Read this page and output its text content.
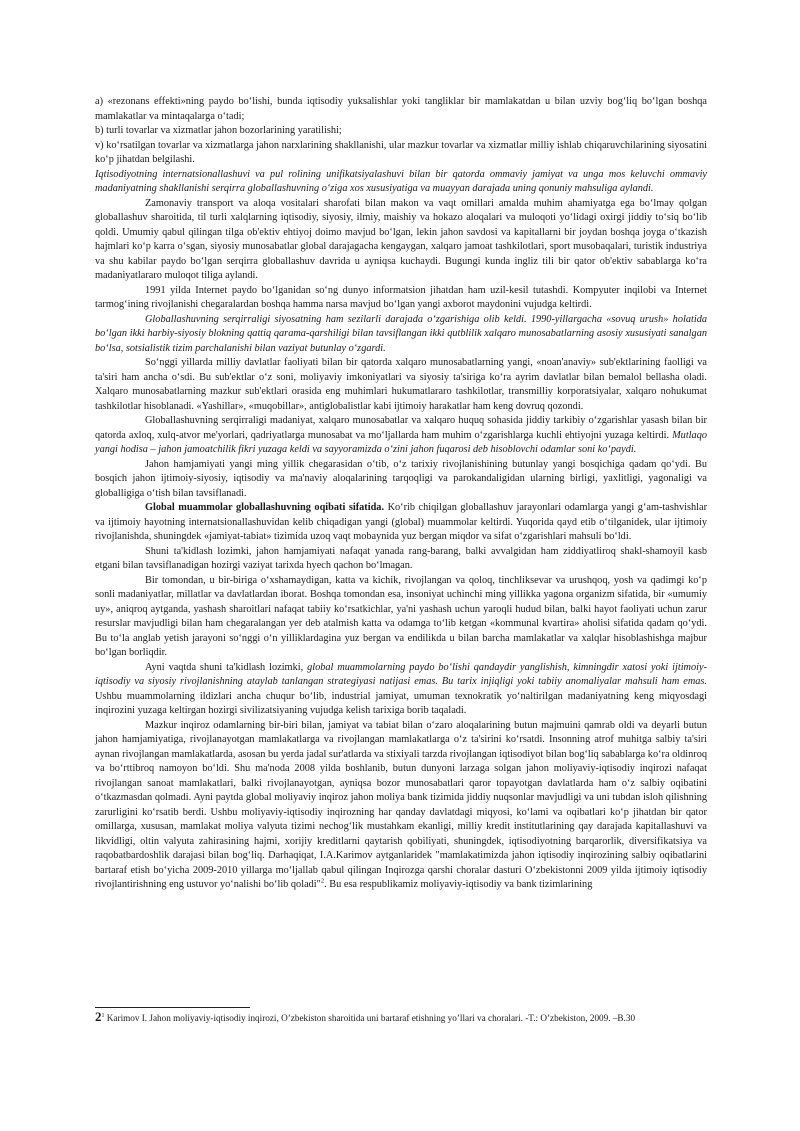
a) «rezonans effekti»ning paydo bo‘lishi, bunda iqtisodiy yuksalishlar yoki tangliklar bir mamlakatdan u bilan uzviy bog‘liq bo‘lgan boshqa mamlakatlar va mintaqalarga o‘tadi;

b) turli tovarlar va xizmatlar jahon bozorlarining yaratilishi;

v) ko‘rsatilgan tovarlar va xizmatlarga jahon narxlarining shakllanishi, ular mazkur tovarlar va xizmatlar milliy ishlab chiqaruvchilarining siyosatini ko‘p jihatdan belgilashi.

Iqtisodiyotning internatsionallashuvi va pul rolining unifikatsiyalashuvi bilan bir qatorda ommaviy jamiyat va unga mos keluvchi ommaviy madaniyatning shakllanishi serqirra globallashuvning o‘ziga xos xususiyatiga va muayyan darajada uning qonuniy mahsuliga aylandi.

Zamonaviy transport va aloqa vositalari sharofati bilan makon va vaqt omillari amalda muhim ahamiyatga ega bo‘lmay qolgan globallashuv sharoitida, til turli xalqlarning iqtisodiy, siyosiy, ilmiy, maishiy va hokazo aloqalari va muloqoti yo‘lidagi oxirgi jiddiy to‘siq bo‘lib qoldi. Umumiy qabul qilingan tilga ob'ektiv ehtiyoj doimo mavjud bo‘lgan, lekin jahon savdosi va kapitallarni bir joydan boshqa joyga o‘tkazish hajmlari ko‘p karra o‘sgan, siyosiy munosabatlar global darajagacha kengaygan, xalqaro jamoat tashkilotlari, sport musobaqalari, turistik industriya va shu kabilar paydo bo‘lgan serqirra globallashuv davrida u ayniqsa kuchaydi. Bugungi kunda ingliz tili bir qator ob'ektiv sabablarga ko‘ra madaniyatlararo muloqot tiliga aylandi.

1991 yilda Internet paydo bo‘lganidan so‘ng dunyo informatsion jihatdan ham uzil-kesil tutashdi. Kompyuter inqilobi va Internet tarmog‘ining rivojlanishi chegaralardan boshqa hamma narsa mavjud bo‘lgan yangi axborot maydonini vujudga keltirdi.

Globallashuvning serqirraligi siyosatning ham sezilarli darajada o‘zgarishiga olib keldi. 1990-yillargacha «sovuq urush» holatida bo‘lgan ikki harbiy-siyosiy blokning qattiq qarama-qarshiligi bilan tavsiflangan ikki qutblilik xalqaro munosabatlarning asosiy xususiyati sanalgan bo‘lsa, sotsialistik tizim parchalanishi bilan vaziyat butunlay o‘zgardi.

So‘nggi yillarda milliy davlatlar faoliyati bilan bir qatorda xalqaro munosabatlarning yangi, «noan'anaviy» sub'ektlarining faolligi va ta'siri ham ancha o‘sdi. Bu sub'ektlar o‘z soni, moliyaviy imkoniyatlari va siyosiy ta'siriga ko‘ra ayrim davlatlar bilan bemalol bellasha oladi. Xalqaro munosabatlarning mazkur sub'ektlari orasida eng muhimlari hukumatlararo tashkilotlar, transmilliy korporatsiyalar, xalqaro nohukumat tashkilotlar hisoblanadi. «Yashillar», «muqobillar», antiglobalistlar kabi ijtimoiy harakatlar ham keng dovruq qozondi.

Globallashuvning serqirraligi madaniyat, xalqaro munosabatlar va xalqaro huquq sohasida jiddiy tarkibiy o‘zgarishlar yasash bilan bir qatorda axloq, xulq-atvor me'yorlari, qadriyatlarga munosabat va mo‘ljallarda ham muhim o‘zgarishlarga kuchli ehtiyojni yuzaga keltirdi. Mutlaqo yangi hodisa – jahon jamoatchilik fikri yuzaga keldi va sayyoramizda o‘zini jahon fuqarosi deb hisoblovchi odamlar soni ko‘paydi.

Jahon hamjamiyati yangi ming yillik chegarasidan o‘tib, o‘z tarixiy rivojlanishining butunlay yangi bosqichiga qadam qo‘ydi. Bu bosqich jahon ijtimoiy-siyosiy, iqtisodiy va ma'naviy aloqalarining tarqoqligi va parokandaligidan ularning birligi, yaxlitligi, yagonaligi va globalligiga o‘tish bilan tavsiflanadi.

Global muammolar globallashuvning oqibati sifatida. Ko‘rib chiqilgan globallashuv jarayonlari odamlarga yangi g‘am-tashvishlar va ijtimoiy hayotning internatsionallashuvidan kelib chiqadigan yangi (global) muammolar keltirdi. Yuqorida qayd etib o‘tilganidek, ular ijtimoiy rivojlanishda, shuningdek «jamiyat-tabiat» tizimida uzoq vaqt mobaynida yuz bergan miqdor va sifat o‘zgarishlari mahsuli bo‘ldi.

Shuni ta'kidlash lozimki, jahon hamjamiyati nafaqat yanada rang-barang, balki avvalgidan ham ziddiyatliroq shakl-shamoyil kasb etgani bilan tavsiflanadigan hozirgi vaziyat tarixda hyech qachon bo‘lmagan.

Bir tomondan, u bir-biriga o‘xshamaydigan, katta va kichik, rivojlangan va qoloq, tinchliksevar va urushqoq, yosh va qadimgi ko‘p sonli madaniyatlar, millatlar va davlatlardan iborat. Boshqa tomondan esa, insoniyat uchinchi ming yillikka yagona organizm sifatida, bir «umumiy uy», aniqroq aytganda, yashash sharoitlari nafaqat tabiiy ko‘rsatkichlar, ya'ni yashash uchun yaroqli hudud bilan, balki hayot faoliyati uchun zarur resurslar mavjudligi bilan ham chegaralangan yer deb atalmish katta va odamga to‘lib ketgan «kommunal kvartira» aholisi sifatida qadam qo‘ydi. Bu to‘la anglab yetish jarayoni so‘nggi o‘n yilliklardagina yuz bergan va endilikda u bilan barcha mamlakatlar va xalqlar hisoblashishga majbur bo‘lgan borliqdir.

Ayni vaqtda shuni ta'kidlash lozimki, global muammolarning paydo bo‘lishi qandaydir yanglishish, kimningdir xatosi yoki ijtimoiy-iqtisodiy va siyosiy rivojlanishning ataylab tanlangan strategiyasi natijasi emas. Bu tarix injiqligi yoki tabiiy anomaliyalar mahsuli ham emas. Ushbu muammolarning ildizlari ancha chuqur bo‘lib, industrial jamiyat, umuman texnokratik yo‘naltirilgan madaniyatning keng miqyosdagi inqirozini yuzaga keltirgan hozirgi sivilizatsiyaning vujudga kelish tarixiga borib taqaladi.

Mazkur inqiroz odamlarning bir-biri bilan, jamiyat va tabiat bilan o‘zaro aloqalarining butun majmuini qamrab oldi va deyarli butun jahon hamjamiyatiga, rivojlanayotgan mamlakatlarga va rivojlangan mamlakatlarga o‘z ta'sirini ko‘rsatdi. Insonning atrof muhitga salbiy ta'siri aynan rivojlangan mamlakatlarda, asosan bu yerda jadal sur'atlarda va stixiyali tarzda rivojlangan iqtisodiyot bilan bog‘liq sabablarga ko‘ra oldinroq va bo‘rttibroq namoyon bo‘ldi. Shu ma'noda 2008 yilda boshlanib, butun dunyoni larzaga solgan jahon moliyaviy-iqtisodiy inqirozi nafaqat rivojlangan sanoat mamlakatlari, balki rivojlanayotgan, ayniqsa bozor munosabatlari qaror topayotgan davlatlarda ham o‘z salbiy oqibatini o‘tkazmasdan qolmadi. Ayni paytda global moliyaviy inqiroz jahon moliya bank tizimida jiddiy nuqsonlar mavjudligi va uni tubdan isloh qilishning zarurligini ko‘rsatib berdi. Ushbu moliyaviy-iqtisodiy inqirozning har qanday davlatdagi miqyosi, ko‘lami va oqibatlari ko‘p jihatdan bir qator omillarga, xususan, mamlakat moliya valyuta tizimi nechog‘lik mustahkam ekanligi, milliy kredit institutlarining qay darajada kapitallashuvi va likvidligi, oltin valyuta zahirasining hajmi, xorijiy kreditlarni qaytarish qobiliyati, shuningdek, iqtisodiyotning barqarorlik, diversifikatsiya va raqobatbardoshlik darajasi bilan bog‘liq. Darhaqiqat, I.A.Karimov aytganlaridek "mamlakatimizda jahon iqtisodiy inqirozining salbiy oqibatlarini bartaraf etish bo‘yicha 2009-2010 yillarga mo‘ljallab qabul qilingan Inqirozga qarshi choralar dasturi O‘zbekistonni 2009 yilda ijtimoiy iqtisodiy rivojlantirishning eng ustuvor yo‘nalishi bo‘lib qoladi"$^2$. Bu esa respublikamiz moliyaviy-iqtisodiy va bank tizimlarining

2$^1$ Karimov I. Jahon moliyaviy-iqtisodiy inqirozi, O’zbekiston sharoitida uni bartaraf etishning yo’llari va choralari. -T.: O’zbekiston, 2009. –B.30
